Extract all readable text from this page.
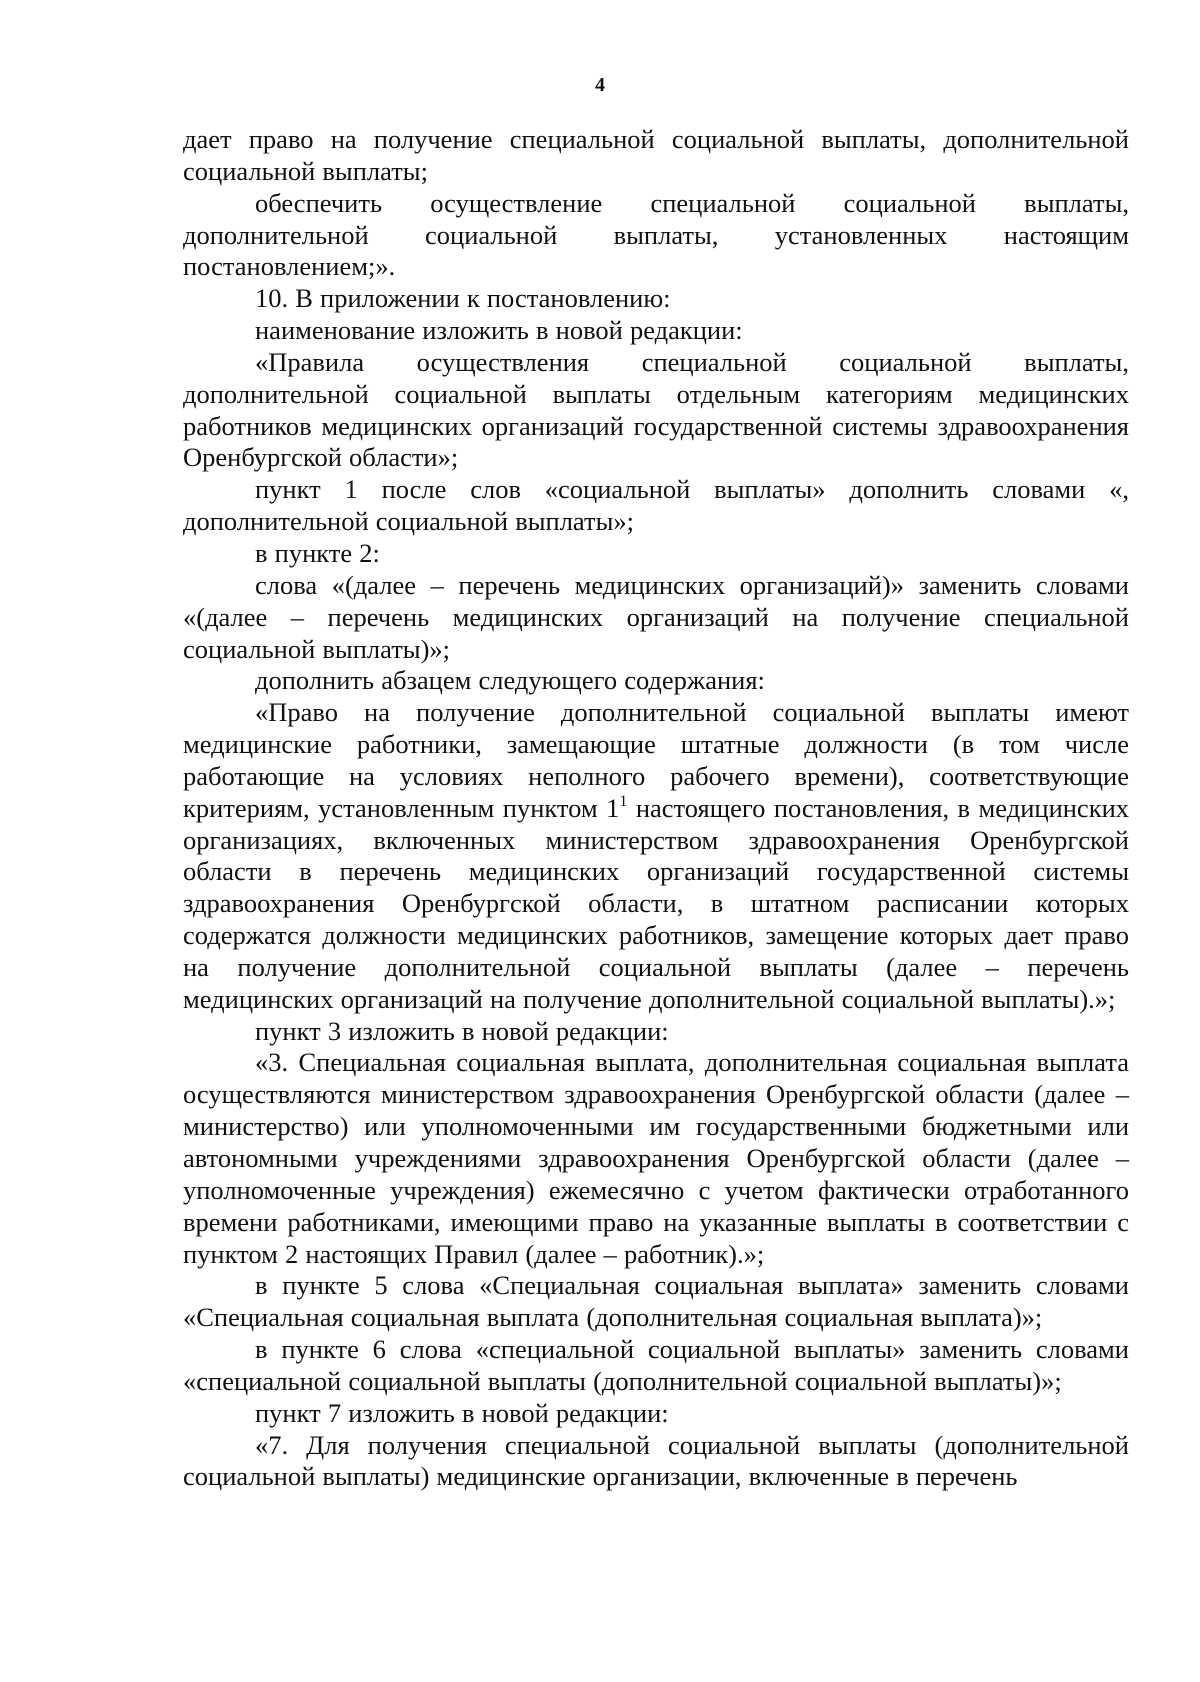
4

дает право на получение специальной социальной выплаты, дополнительной социальной выплаты;

обеспечить осуществление специальной социальной выплаты, дополнительной социальной выплаты, установленных настоящим постановлением;».

10. В приложении к постановлению:

наименование изложить в новой редакции:

«Правила осуществления специальной социальной выплаты, дополнительной социальной выплаты отдельным категориям медицинских работников медицинских организаций государственной системы здравоохранения Оренбургской области»;

пункт 1 после слов «социальной выплаты» дополнить словами «, дополнительной социальной выплаты»;

в пункте 2:

слова «(далее – перечень медицинских организаций)» заменить словами «(далее – перечень медицинских организаций на получение специальной социальной выплаты)»;

дополнить абзацем следующего содержания:

«Право на получение дополнительной социальной выплаты имеют медицинские работники, замещающие штатные должности (в том числе работающие на условиях неполного рабочего времени), соответствующие критериям, установленным пунктом $1^1$ настоящего постановления, в медицинских организациях, включенных министерством здравоохранения Оренбургской области в перечень медицинских организаций государственной системы здравоохранения Оренбургской области, в штатном расписании которых содержатся должности медицинских работников, замещение которых дает право на получение дополнительной социальной выплаты (далее – перечень медицинских организаций на получение дополнительной социальной выплаты).»;

пункт 3 изложить в новой редакции:

«3. Специальная социальная выплата, дополнительная социальная выплата осуществляются министерством здравоохранения Оренбургской области (далее – министерство) или уполномоченными им государственными бюджетными или автономными учреждениями здравоохранения Оренбургской области (далее – уполномоченные учреждения) ежемесячно с учетом фактически отработанного времени работниками, имеющими право на указанные выплаты в соответствии с пунктом 2 настоящих Правил (далее – работник).»;

в пункте 5 слова «Специальная социальная выплата» заменить словами «Специальная социальная выплата (дополнительная социальная выплата)»;

в пункте 6 слова «специальной социальной выплаты» заменить словами «специальной социальной выплаты (дополнительной социальной выплаты)»;

пункт 7 изложить в новой редакции:

«7. Для получения специальной социальной выплаты (дополнительной социальной выплаты) медицинские организации, включенные в перечень
